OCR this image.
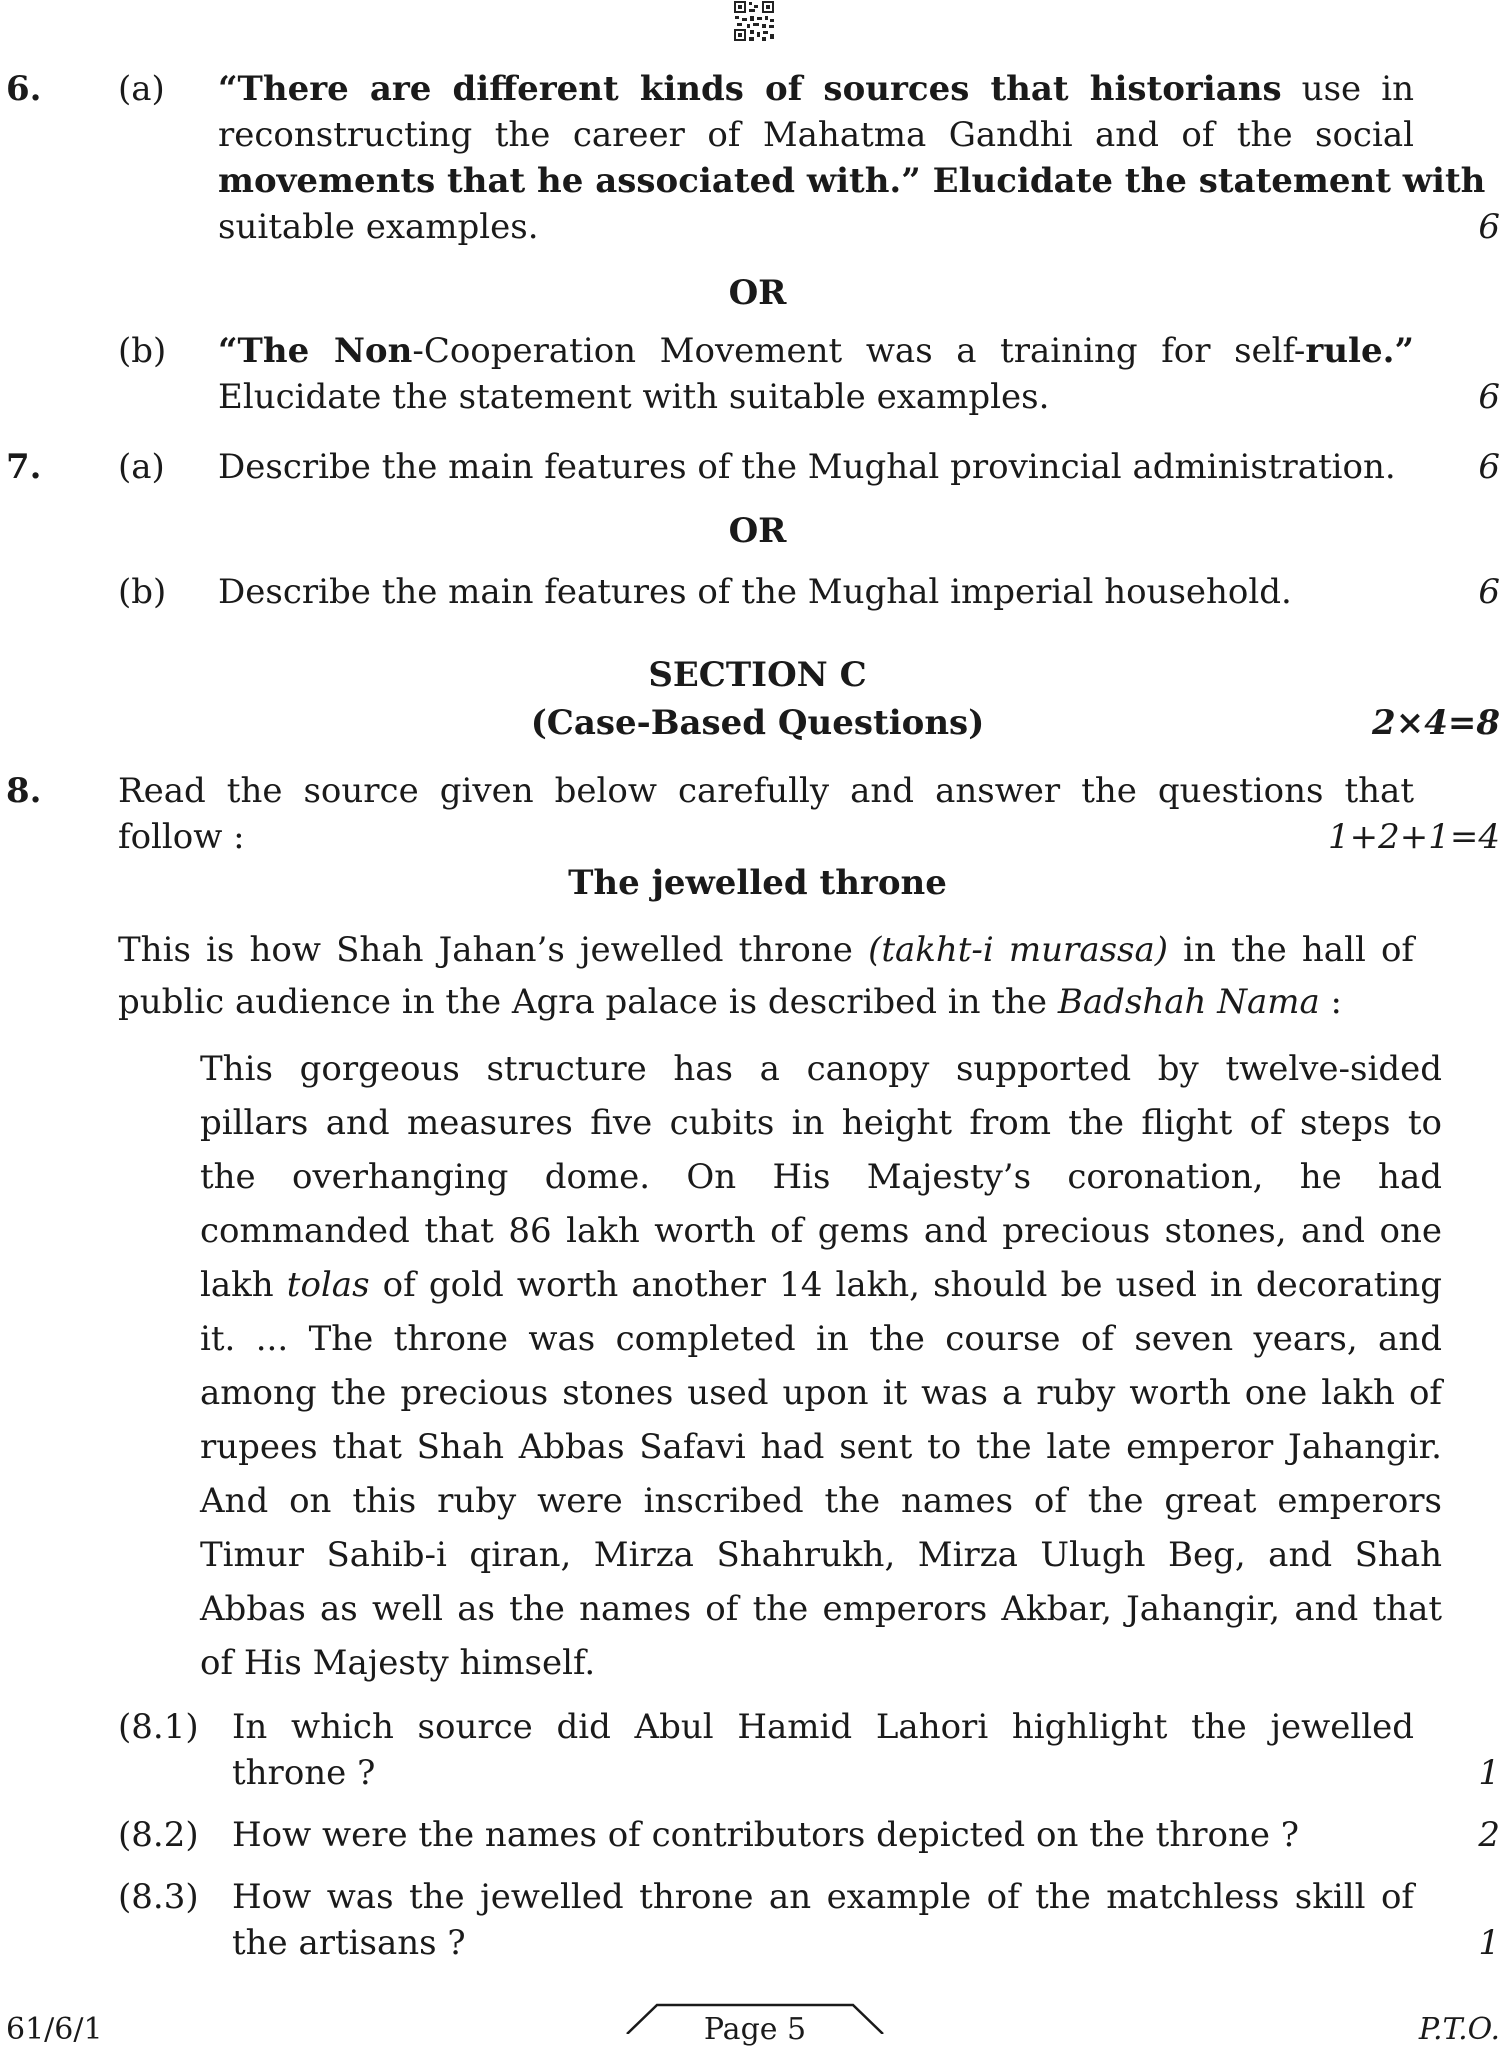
6. (a) “There are different kinds of sources that historians use in
reconstructing the career of Mahatma Gandhi and of the social
movements that he associated with.” Elucidate the statement with
suitable examples.	6
OR
(b) “The Non-Cooperation Movement was a training for self-rule.”
Elucidate the statement with suitable examples.	6
7. (a) Describe the main features of the Mughal provincial administration.	6
OR
(b) Describe the main features of the Mughal imperial household.	6
SECTION C
(Case-Based Questions)	2×4=8
8. Read the source given below carefully and answer the questions that
follow :	1+2+1=4
The jewelled throne
This is how Shah Jahan’s jewelled throne (takht-i murassa) in the hall of
public audience in the Agra palace is described in the Badshah Nama :
This gorgeous structure has a canopy supported by twelve-sided
pillars and measures five cubits in height from the flight of steps to
the overhanging dome. On His Majesty’s coronation, he had
commanded that 86 lakh worth of gems and precious stones, and one
lakh tolas of gold worth another 14 lakh, should be used in decorating
it. ... The throne was completed in the course of seven years, and
among the precious stones used upon it was a ruby worth one lakh of
rupees that Shah Abbas Safavi had sent to the late emperor Jahangir.
And on this ruby were inscribed the names of the great emperors
Timur Sahib-i qiran, Mirza Shahrukh, Mirza Ulugh Beg, and Shah
Abbas as well as the names of the emperors Akbar, Jahangir, and that
of His Majesty himself.
(8.1) In which source did Abul Hamid Lahori highlight the jewelled
throne ?	1
(8.2) How were the names of contributors depicted on the throne ?	2
(8.3) How was the jewelled throne an example of the matchless skill of
the artisans ?	1
61/6/1	Page 5	P.T.O.
